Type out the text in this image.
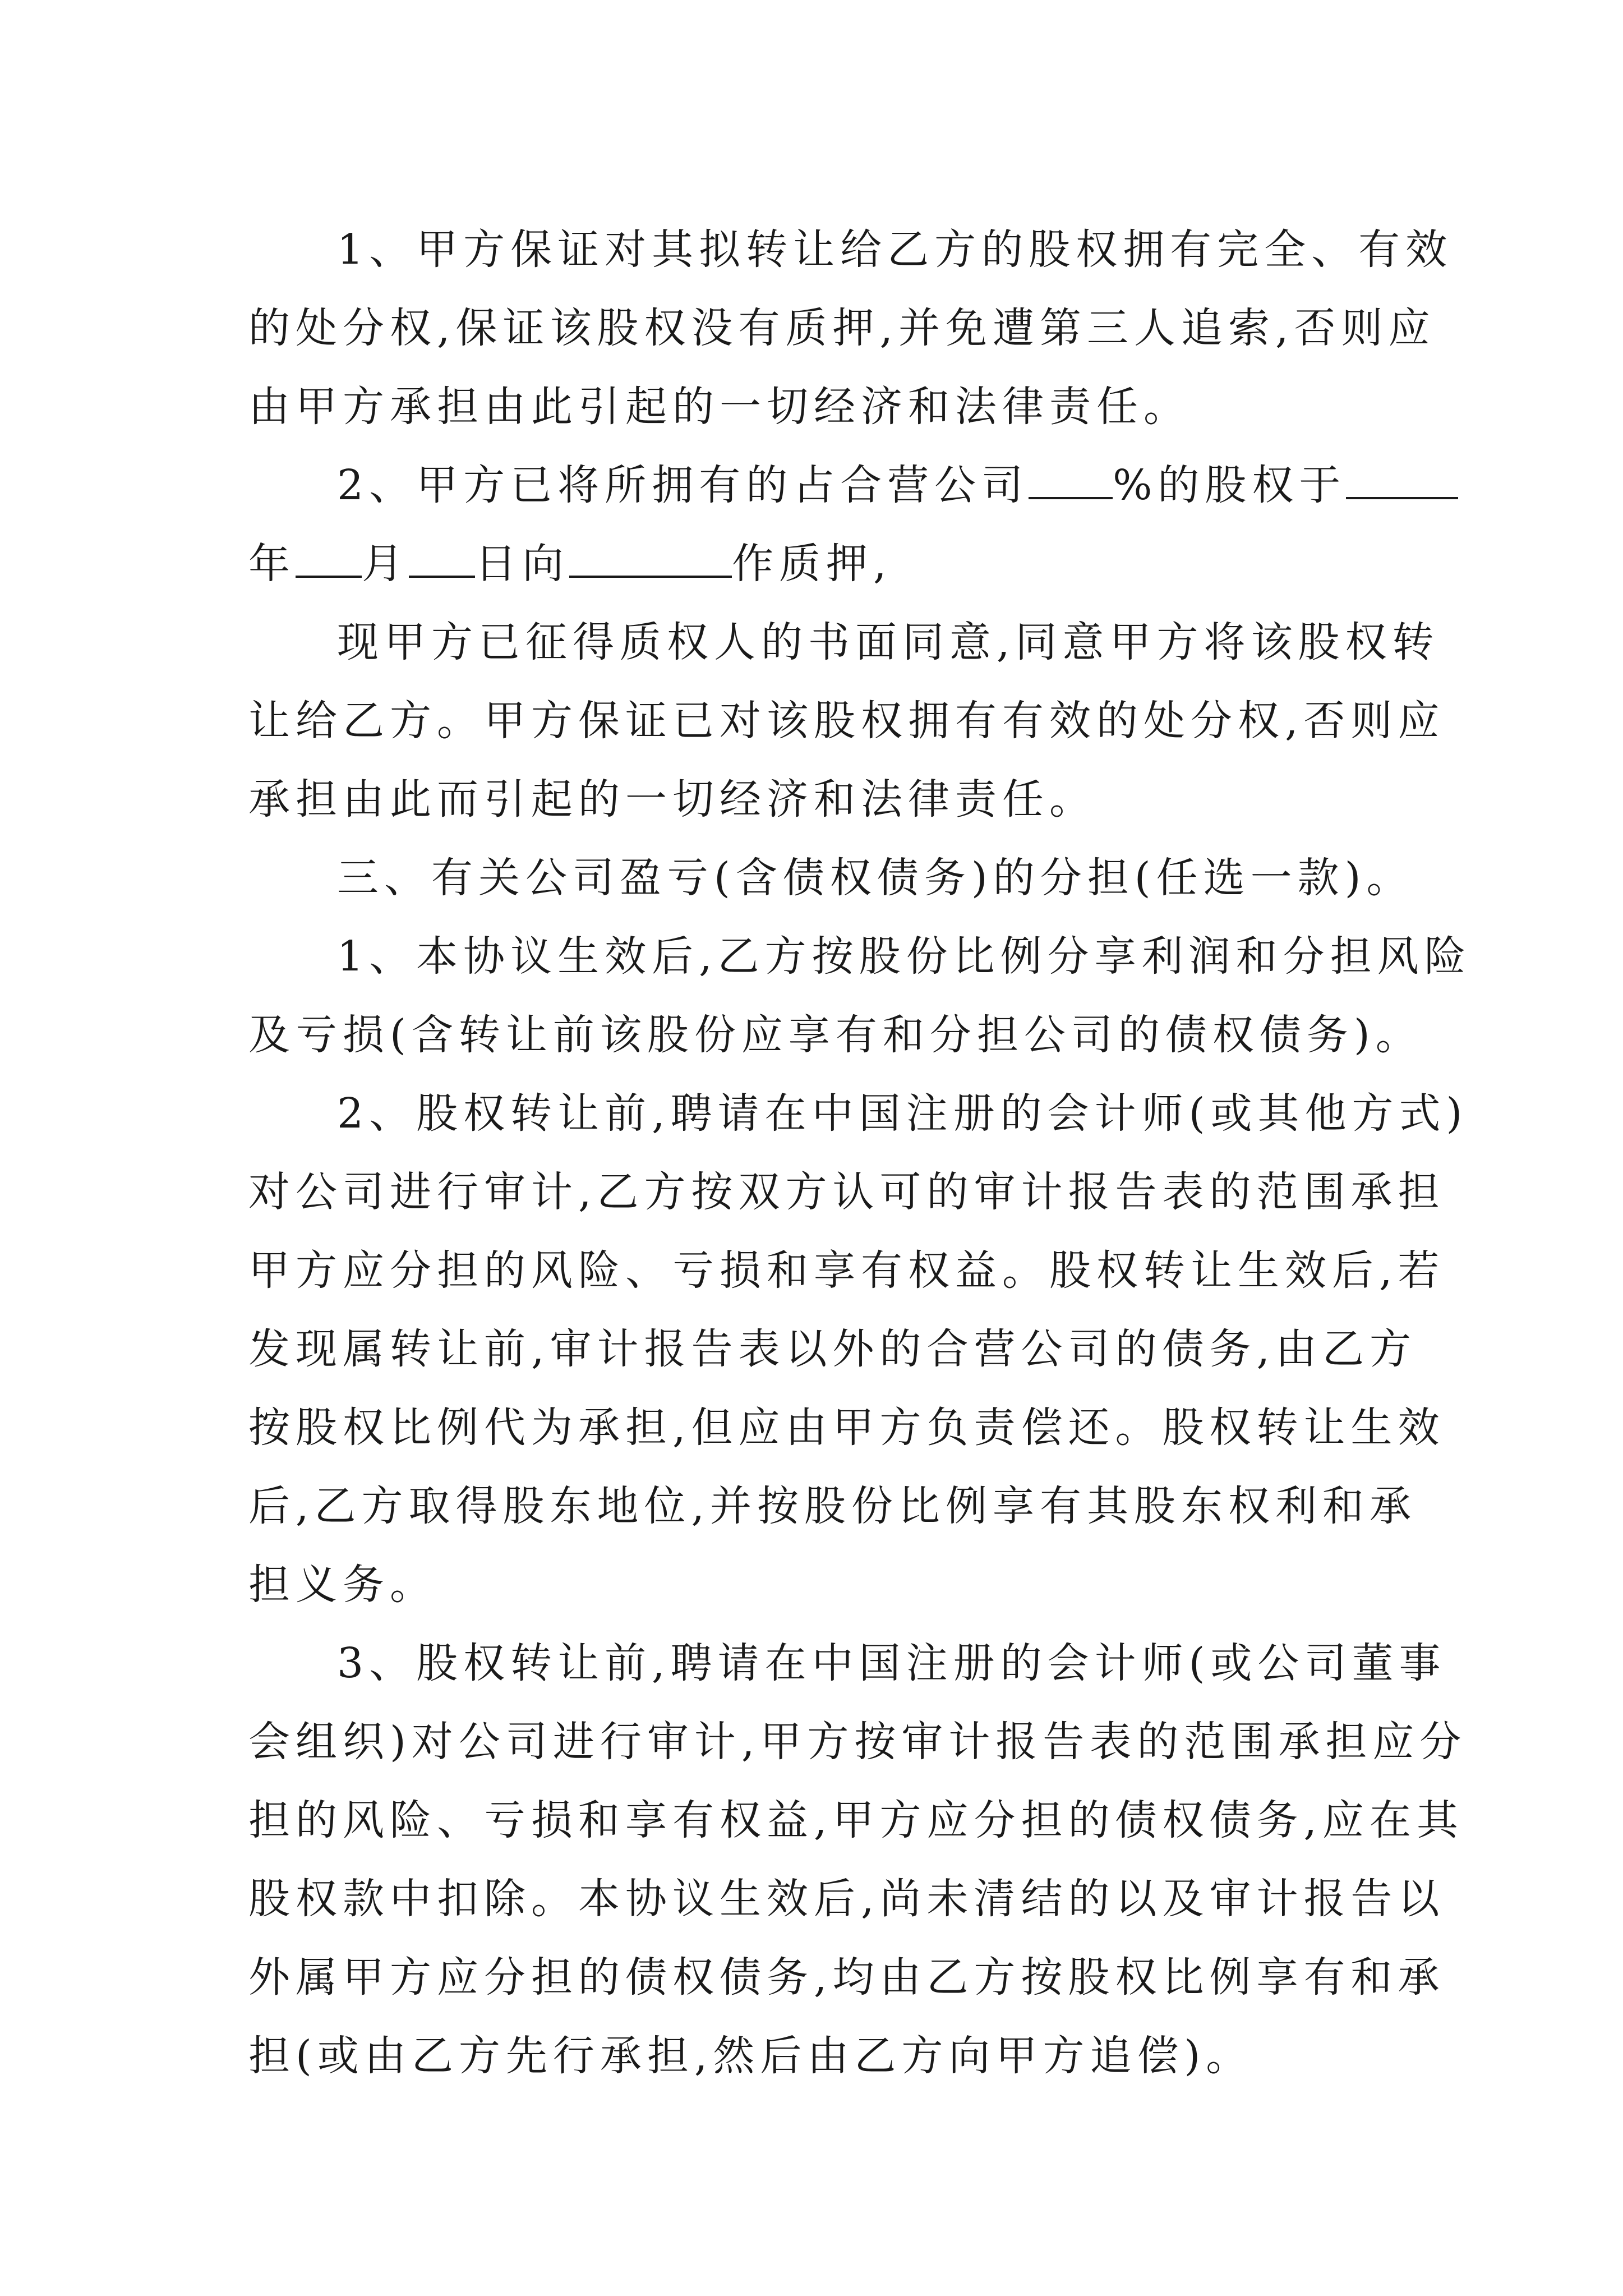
1、甲方保证对其拟转让给乙方的股权拥有完全、有效
的处分权,保证该股权没有质押,并免遭第三人追索,否则应
由甲方承担由此引起的一切经济和法律责任。
2、甲方已将所拥有的占合营公司 %的股权于
年 月 日向	作质押,
现甲方已征得质权人的书面同意,同意甲方将该股权转
让给乙方。甲方保证已对该股权拥有有效的处分权,否则应
承担由此而引起的一切经济和法律责任。
三、有关公司盈亏(含债权债务)的分担(任选一款)。
1、本协议生效后,乙方按股份比例分享利润和分担风险
及亏损(含转让前该股份应享有和分担公司的债权债务)。
2、股权转让前,聘请在中国注册的会计师(或其他方式)
对公司进行审计,乙方按双方认可的审计报告表的范围承担
甲方应分担的风险、亏损和享有权益。股权转让生效后,若
发现属转让前,审计报告表以外的合营公司的债务,由乙方
按股权比例代为承担,但应由甲方负责偿还。股权转让生效
后,乙方取得股东地位,并按股份比例享有其股东权利和承
担义务。
3、股权转让前,聘请在中国注册的会计师(或公司董事
会组织)对公司进行审计,甲方按审计报告表的范围承担应分
担的风险、亏损和享有权益,甲方应分担的债权债务,应在其
股权款中扣除。本协议生效后,尚未清结的以及审计报告以
外属甲方应分担的债权债务,均由乙方按股权比例享有和承
担(或由乙方先行承担,然后由乙方向甲方追偿)。
